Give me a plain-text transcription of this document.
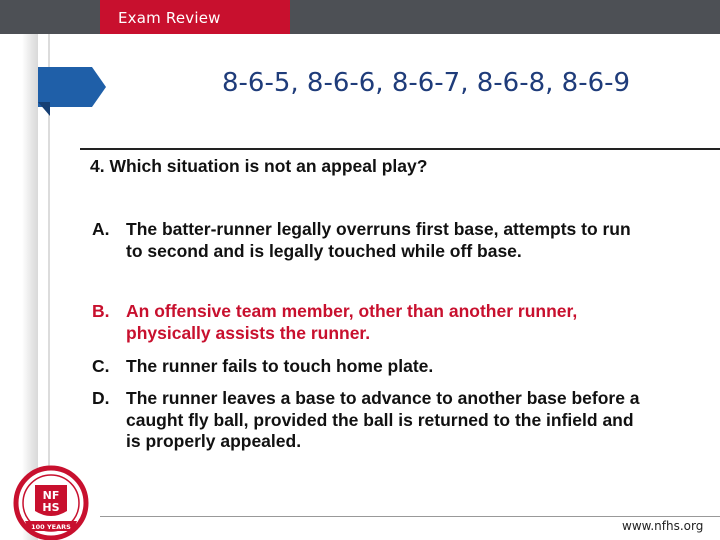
Exam Review
8-6-5, 8-6-6, 8-6-7, 8-6-8, 8-6-9
4. Which situation is not an appeal play?
A. The batter-runner legally overruns first base, attempts to run to second and is legally touched while off base.
B. An offensive team member, other than another runner, physically assists the runner.
C. The runner fails to touch home plate.
D. The runner leaves a base to advance to another base before a caught fly ball, provided the ball is returned to the infield and is properly appealed.
NF
HS
100 YEARS	www.nfhs.org
